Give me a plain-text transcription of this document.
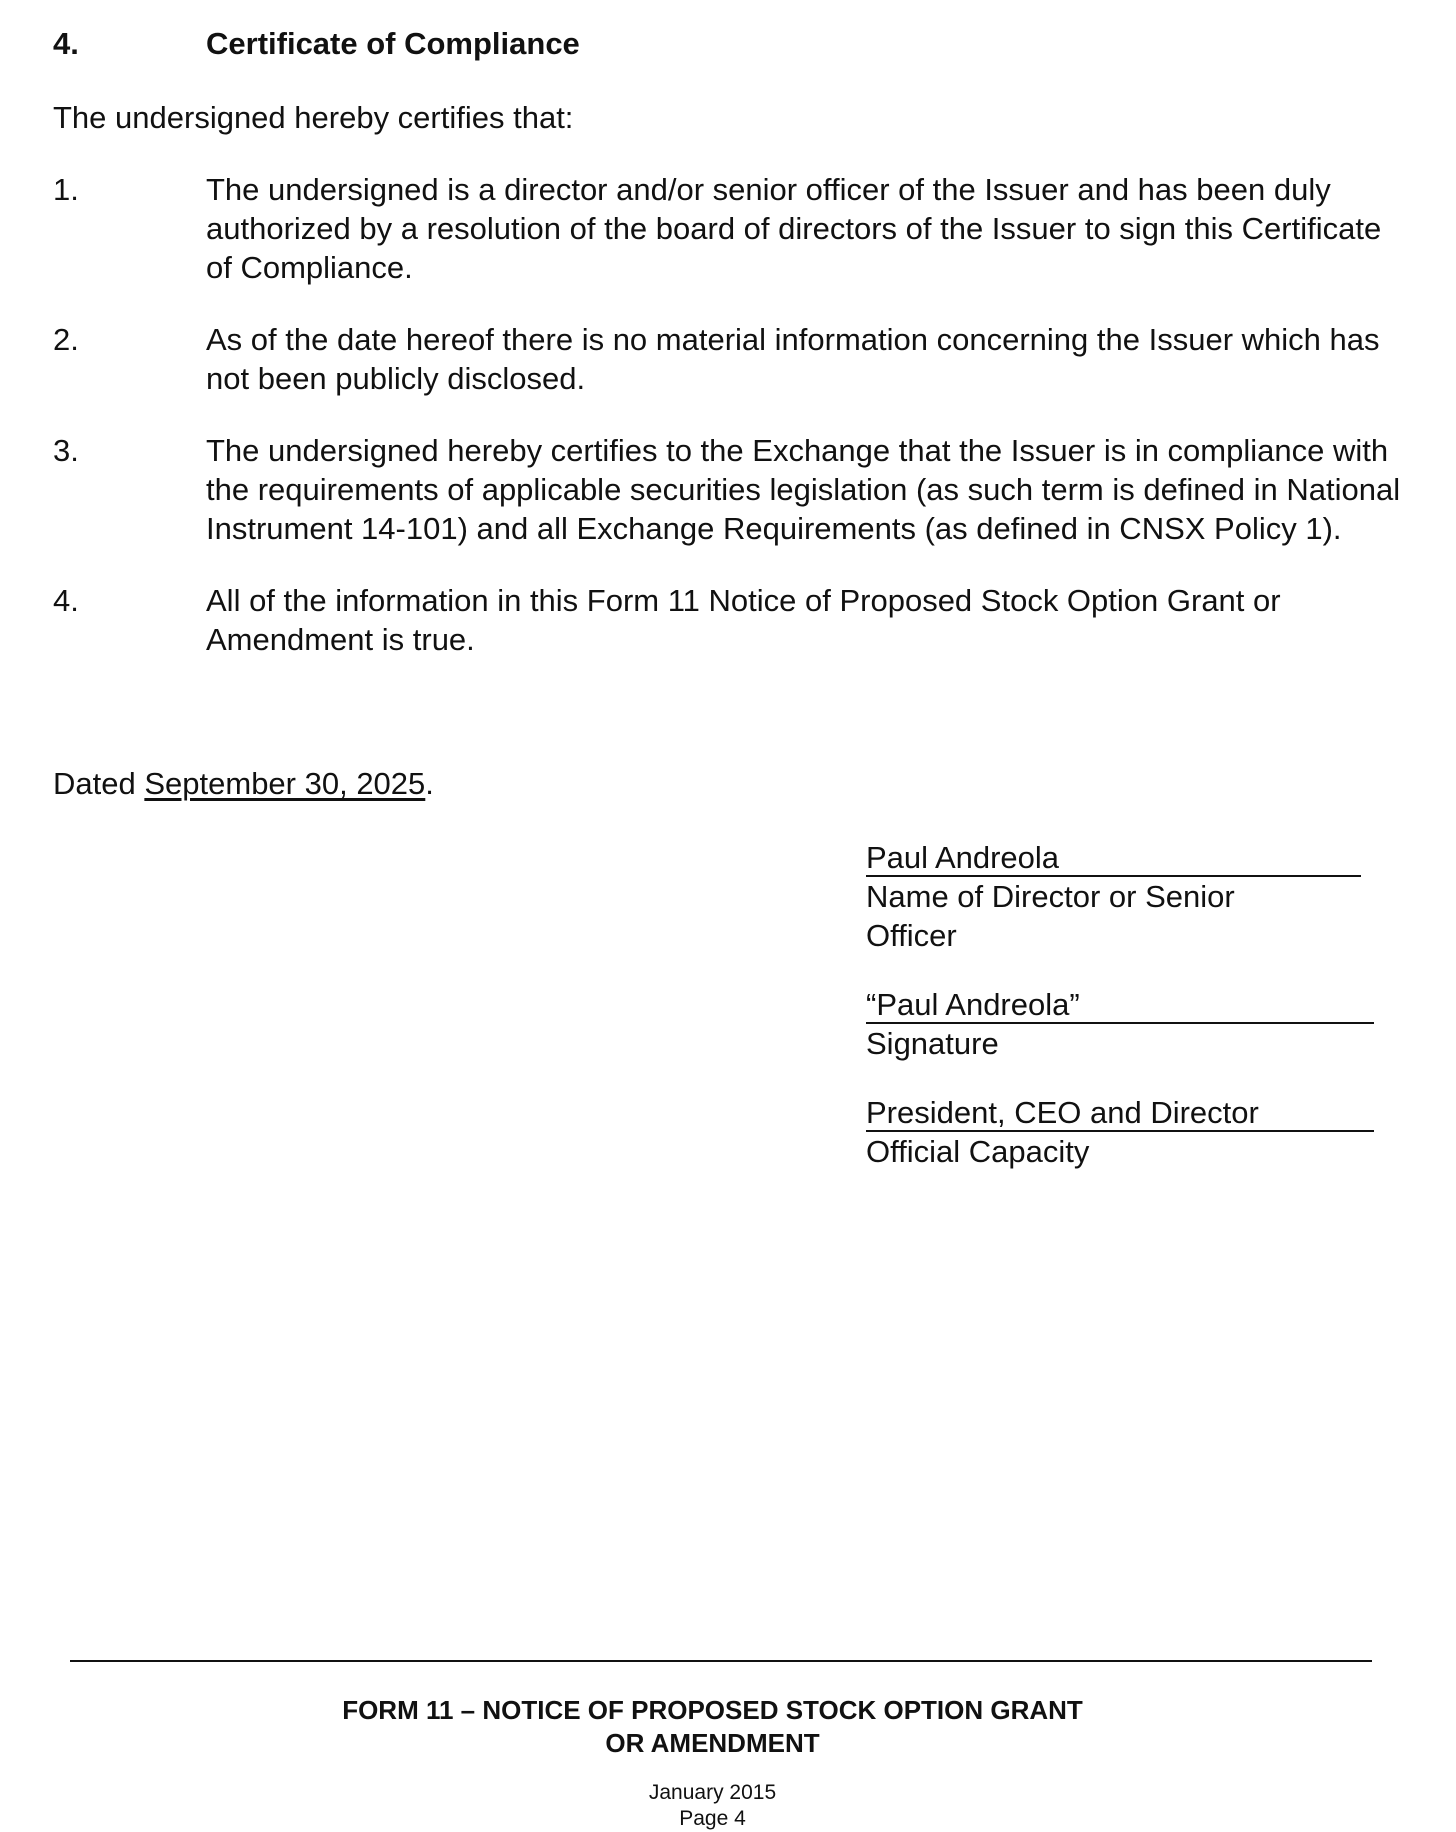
4.	Certificate of Compliance
The undersigned hereby certifies that:
1.	The undersigned is a director and/or senior officer of the Issuer and has been duly authorized by a resolution of the board of directors of the Issuer to sign this Certificate of Compliance.
2.	As of the date hereof there is no material information concerning the Issuer which has not been publicly disclosed.
3.	The undersigned hereby certifies to the Exchange that the Issuer is in compliance with the requirements of applicable securities legislation (as such term is defined in National Instrument 14-101) and all Exchange Requirements (as defined in CNSX Policy 1).
4.	All of the information in this Form 11 Notice of Proposed Stock Option Grant or Amendment is true.
Dated September 30, 2025.
Paul Andreola
Name of Director or Senior Officer
“Paul Andreola”
Signature
President, CEO and Director
Official Capacity
FORM 11 – NOTICE OF PROPOSED STOCK OPTION GRANT
OR AMENDMENT
January 2015
Page 4
